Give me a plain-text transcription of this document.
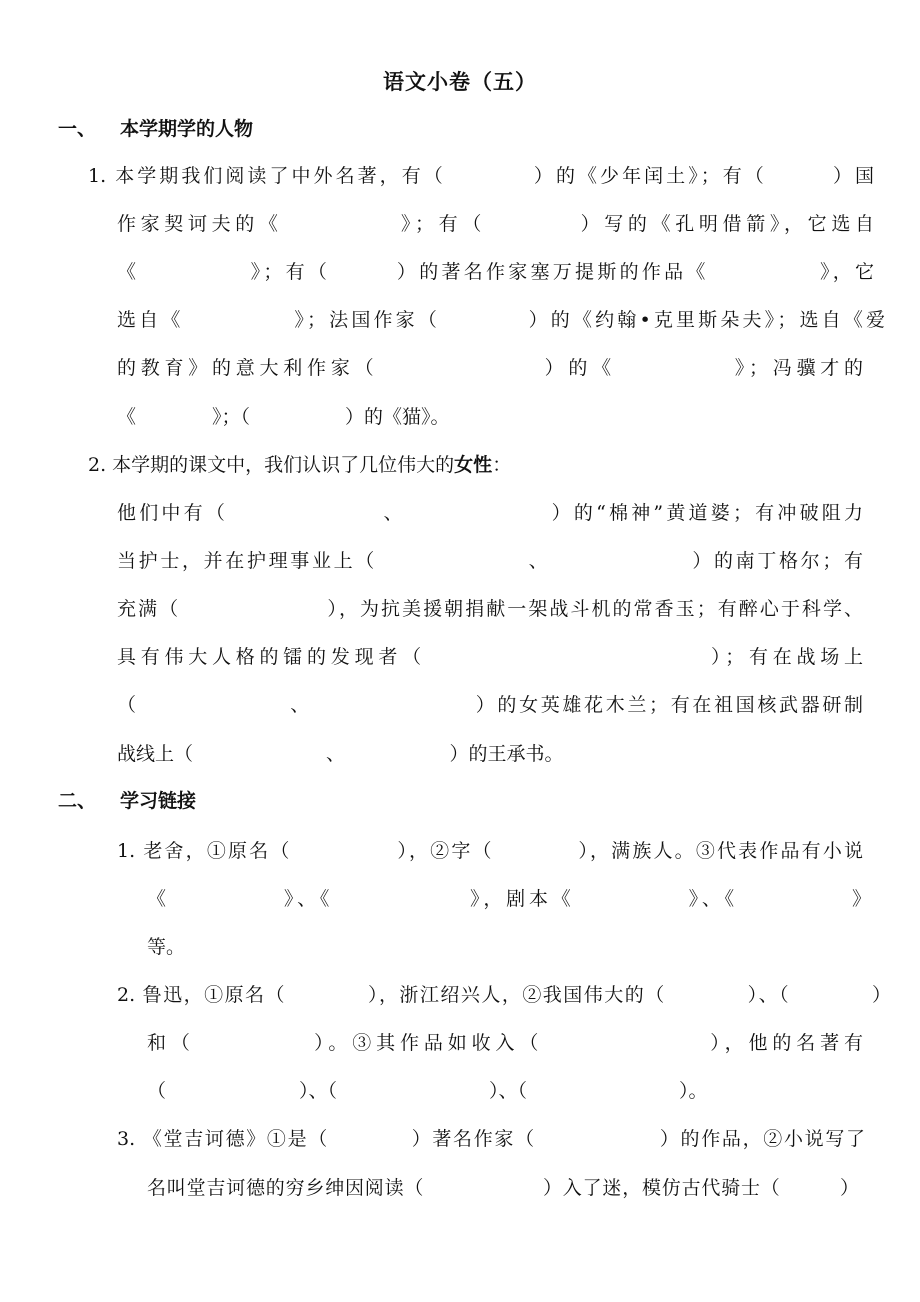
语文小卷（五）
一、 本学期学的人物
1. 本学期我们阅读了中外名著，有（　　　　）的《少年闰土》；有（　　　）国
作家契诃夫的《　　　　　》；有（　　　　）写的《孔明借箭》，它选自
《　　　　　》；有（　　　）的著名作家塞万提斯的作品《　　　　　》，它
选自《　　　　　》；法国作家（　　　　）的《约翰•克里斯朵夫》；选自《爱
的教育》的意大利作家（　　　　　　　）的《　　　　　》；冯骥才的
《　　　　》；（　　　　　）的《猫》。
2. 本学期的课文中，我们认识了几位伟大的女性：
他们中有（　　　　　　　、　　　　　　　）的“棉神”黄道婆；有冲破阻力
当护士，并在护理事业上（　　　　　　　、　　　　　　　）的南丁格尔；有
充满（　　　　　　　），为抗美援朝捐献一架战斗机的常香玉；有醉心于科学、
具有伟大人格的镭的发现者（　　　　　　　　　　　　）；有在战场上
（　　　　　　　、　　　　　　　　）的女英雄花木兰；有在祖国核武器研制
战线上（　　　　　　　、　　　　　　）的王承书。
二、 学习链接
1. 老舍，①原名（　　　　　），②字（　　　　），满族人。③代表作品有小说
《　　　　　》、《　　　　　　》，剧本《　　　　　》、《　　　　　》
等。
2. 鲁迅，①原名（　　　　），浙江绍兴人，②我国伟大的（　　　　）、（　　　　）
和（　　　　　）。③其作品如收入（　　　　　　　），他的名著有
（　　　　　　　）、（　　　　　　　　）、（　　　　　　　　）。
3. 《堂吉诃德》①是（　　　　）著名作家（　　　　　　）的作品，②小说写了
名叫堂吉诃德的穷乡绅因阅读（　　　　　　）入了迷，模仿古代骑士（　　　）
